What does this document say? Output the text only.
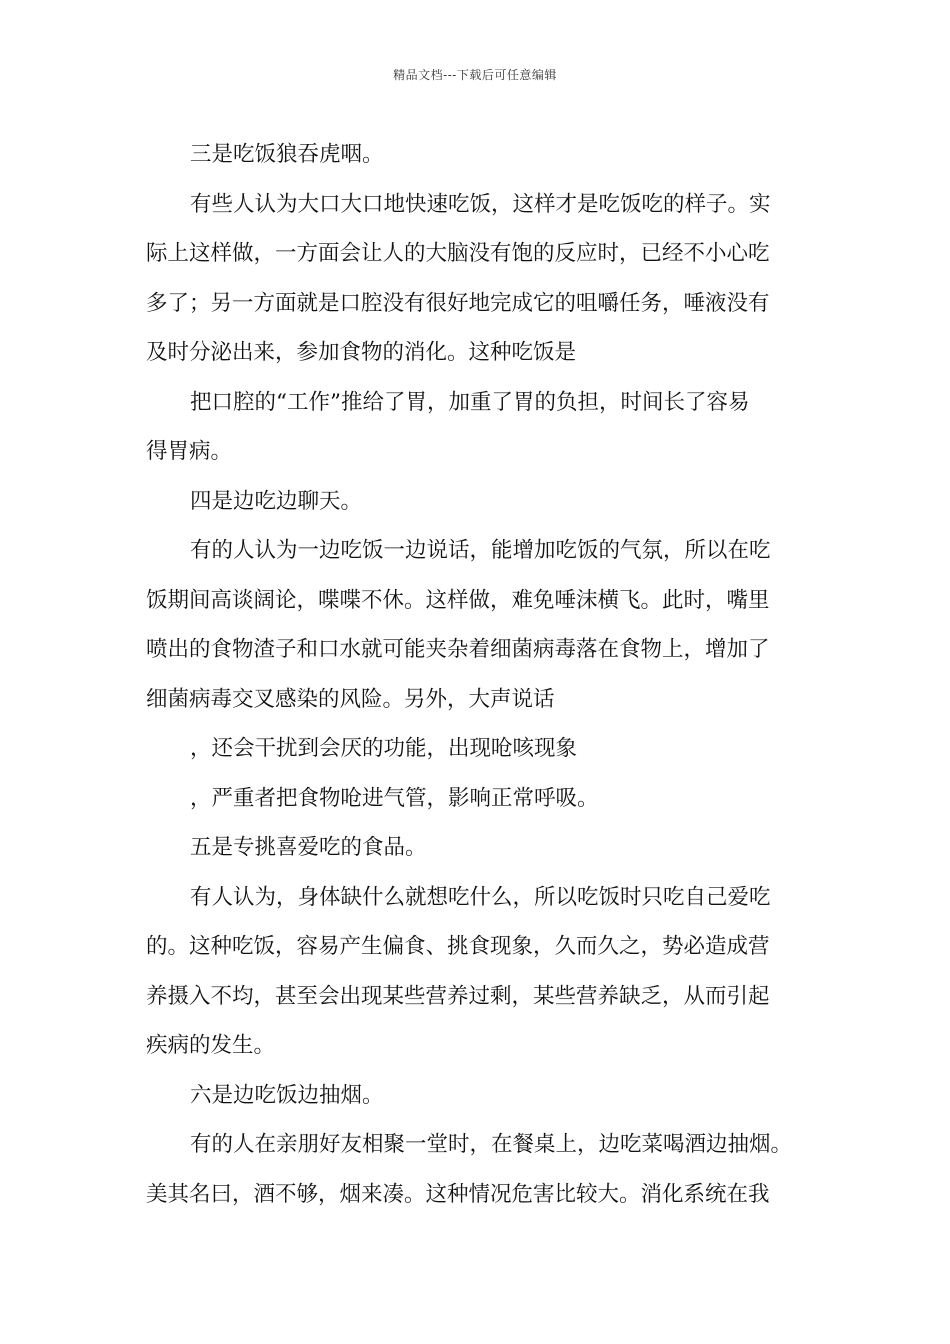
精品文档---下载后可任意编辑

三是吃饭狼吞虎咽。

有些人认为大口大口地快速吃饭，这样才是吃饭吃的样子。实
际上这样做，一方面会让人的大脑没有饱的反应时，已经不小心吃
多了；另一方面就是口腔没有很好地完成它的咀嚼任务，唾液没有
及时分泌出来，参加食物的消化。这种吃饭是

把口腔的“工作”推给了胃，加重了胃的负担，时间长了容易
得胃病。

四是边吃边聊天。

有的人认为一边吃饭一边说话，能增加吃饭的气氛，所以在吃
饭期间高谈阔论，喋喋不休。这样做，难免唾沫横飞。此时，嘴里
喷出的食物渣子和口水就可能夹杂着细菌病毒落在食物上，增加了
细菌病毒交叉感染的风险。另外，大声说话

，还会干扰到会厌的功能，出现呛咳现象

，严重者把食物呛进气管，影响正常呼吸。

五是专挑喜爱吃的食品。

有人认为，身体缺什么就想吃什么，所以吃饭时只吃自己爱吃
的。这种吃饭，容易产生偏食、挑食现象，久而久之，势必造成营
养摄入不均，甚至会出现某些营养过剩，某些营养缺乏，从而引起
疾病的发生。

六是边吃饭边抽烟。

有的人在亲朋好友相聚一堂时，在餐桌上，边吃菜喝酒边抽烟。
美其名曰，酒不够，烟来凑。这种情况危害比较大。消化系统在我
